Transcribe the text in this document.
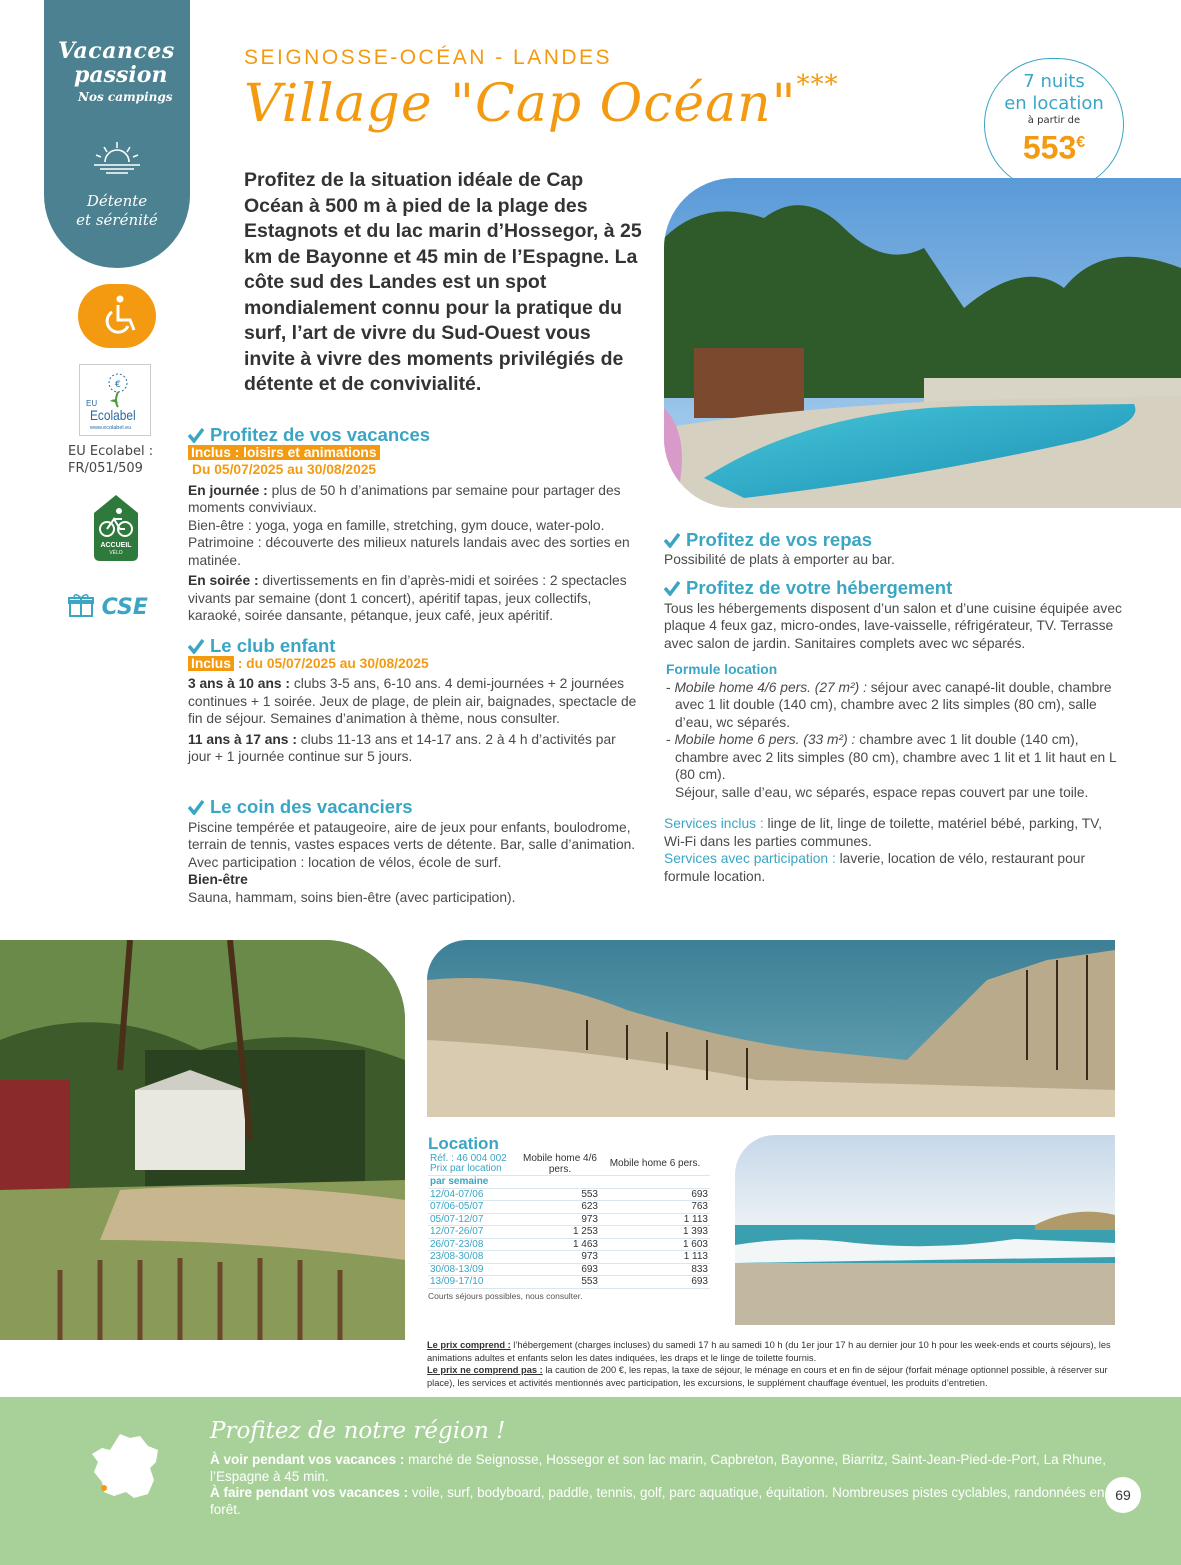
Vacances
passion
Nos campings
Détente
et sérénité
€
EU
Ecolabel
www.ecolabel.eu
EU Ecolabel :
FR/051/509
ACCUEIL
VÉLO
CSE
SEIGNOSSE-OCÉAN - LANDES
Village "Cap Océan"***	7 nuits
en location
à partir de
553€
Profitez de la situation idéale de Cap Océan à 500 m à pied de la plage des Estagnots et du lac marin d’Hossegor, à 25 km de Bayonne et 45 min de l’Espagne. La côte sud des Landes est un spot mondialement connu pour la pratique du surf, l’art de vivre du Sud-Ouest vous invite à vivre des moments privilégiés de détente et de convivialité.
Profitez de vos vacances
Inclus : loisirs et animations
Du 05/07/2025 au 30/08/2025
En journée : plus de 50 h d’animations par semaine pour partager des moments conviviaux.
Bien-être : yoga, yoga en famille, stretching, gym douce, water-polo.
Patrimoine : découverte des milieux naturels landais avec des sorties en matinée.
En soirée : divertissements en fin d’après-midi et soirées : 2 spectacles vivants par semaine (dont 1 concert), apéritif tapas, jeux collectifs, karaoké, soirée dansante, pétanque, jeux café, jeux apéritif.
Le club enfant
Inclus : du 05/07/2025 au 30/08/2025
3 ans à 10 ans : clubs 3-5 ans, 6-10 ans. 4 demi-journées + 2 journées continues + 1 soirée. Jeux de plage, de plein air, baignades, spectacle de fin de séjour. Semaines d’animation à thème, nous consulter.
11 ans à 17 ans : clubs 11-13 ans et 14-17 ans. 2 à 4 h d’activités par jour + 1 journée continue sur 5 jours.
Le coin des vacanciers
Piscine tempérée et pataugeoire, aire de jeux pour enfants, boulodrome, terrain de tennis, vastes espaces verts de détente. Bar, salle d’animation. Avec participation : location de vélos, école de surf.
Bien-être
Sauna, hammam, soins bien-être (avec participation).
Profitez de vos repas
Possibilité de plats à emporter au bar.
Profitez de votre hébergement
Tous les hébergements disposent d’un salon et d’une cuisine équipée avec plaque 4 feux gaz, micro-ondes, lave-vaisselle, réfrigérateur, TV. Terrasse avec salon de jardin. Sanitaires complets avec wc séparés.
Formule location
- Mobile home 4/6 pers. (27 m²) : séjour avec canapé-lit double, chambre avec 1 lit double (140 cm), chambre avec 2 lits simples (80 cm), salle d’eau, wc séparés.
- Mobile home 6 pers. (33 m²) : chambre avec 1 lit double (140 cm), chambre avec 2 lits simples (80 cm), chambre avec 1 lit et 1 lit haut en L (80 cm).
Séjour, salle d’eau, wc séparés, espace repas couvert par une toile.
Services inclus : linge de lit, linge de toilette, matériel bébé, parking, TV, Wi-Fi dans les parties communes.
Services avec participation : laverie, location de vélo, restaurant pour formule location.
Location
Réf. : 46 004 002
Prix par location	Mobile home 4/6 pers.	Mobile home 6 pers.
par semaine		
12/04-07/06	553	693
07/06-05/07	623	763
05/07-12/07	973	1 113
12/07-26/07	1 253	1 393
26/07-23/08	1 463	1 603
23/08-30/08	973	1 113
30/08-13/09	693	833
13/09-17/10	553	693
Courts séjours possibles, nous consulter.
Le prix comprend : l’hébergement (charges incluses) du samedi 17 h au samedi 10 h (du 1er jour 17 h au dernier jour 10 h pour les week-ends et courts séjours), les animations adultes et enfants selon les dates indiquées, les draps et le linge de toilette fournis.
Le prix ne comprend pas : la caution de 200 €, les repas, la taxe de séjour, le ménage en cours et en fin de séjour (forfait ménage optionnel possible, à réserver sur place), les services et activités mentionnés avec participation, les excursions, le supplément chauffage éventuel, les produits d’entretien.
Profitez de notre région !
À voir pendant vos vacances : marché de Seignosse, Hossegor et son lac marin, Capbreton, Bayonne, Biarritz, Saint-Jean-Pied-de-Port, La Rhune, l’Espagne à 45 min.
À faire pendant vos vacances : voile, surf, bodyboard, paddle, tennis, golf, parc aquatique, équitation. Nombreuses pistes cyclables, randonnées en forêt.
69
